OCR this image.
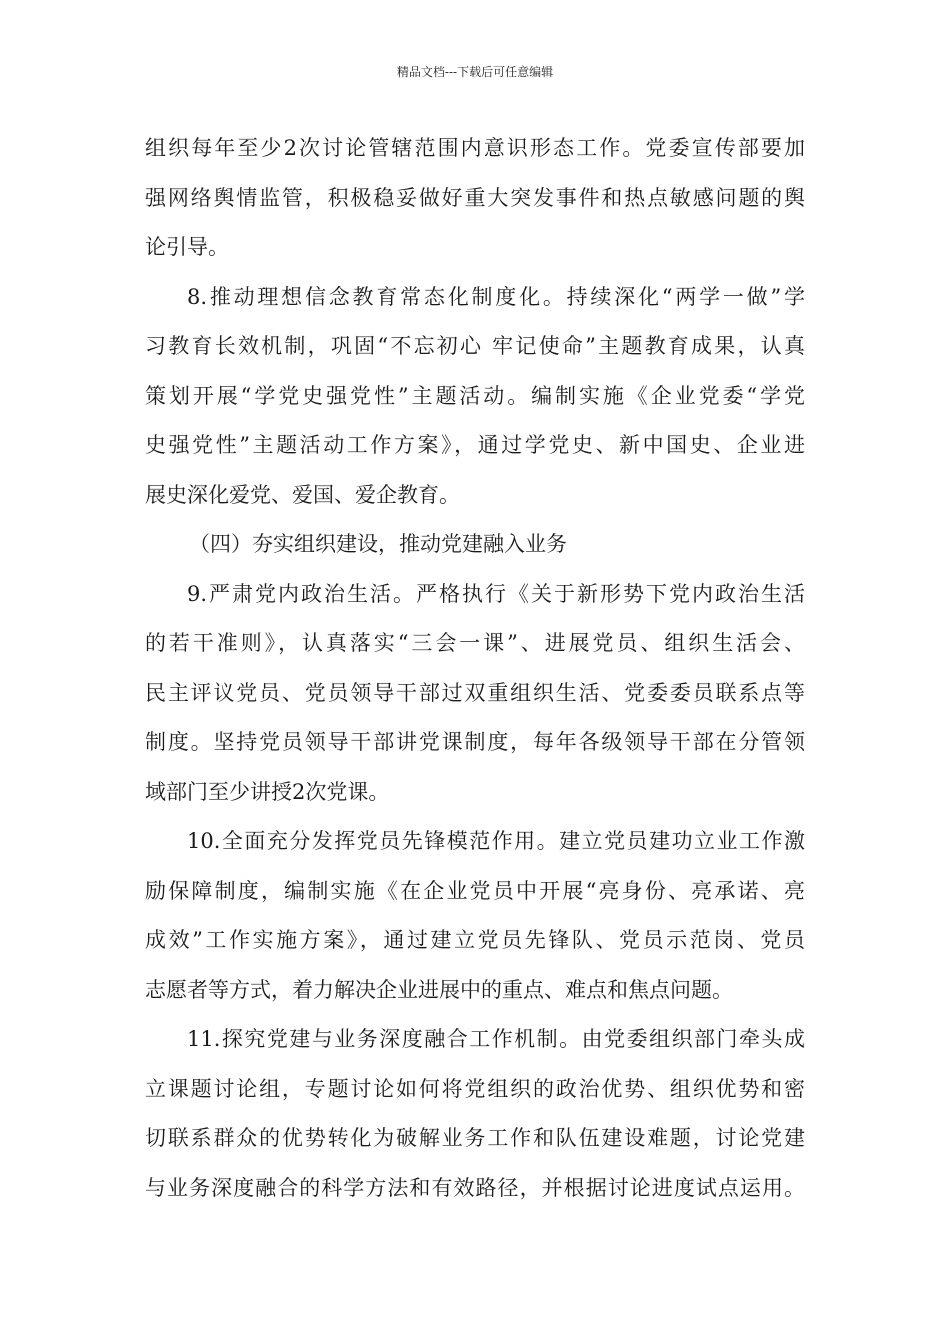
精品文档---下载后可任意编辑
组织每年至少2次讨论管辖范围内意识形态工作。党委宣传部要加
强网络舆情监管，积极稳妥做好重大突发事件和热点敏感问题的舆
论引导。
8.推动理想信念教育常态化制度化。持续深化“两学一做”学
习教育长效机制，巩固“不忘初心 牢记使命”主题教育成果，认真
策划开展“学党史强党性”主题活动。编制实施《企业党委“学党
史强党性”主题活动工作方案》，通过学党史、新中国史、企业进
展史深化爱党、爱国、爱企教育。
（四）夯实组织建设，推动党建融入业务
9.严肃党内政治生活。严格执行《关于新形势下党内政治生活
的若干准则》，认真落实“三会一课”、进展党员、组织生活会、
民主评议党员、党员领导干部过双重组织生活、党委委员联系点等
制度。坚持党员领导干部讲党课制度，每年各级领导干部在分管领
域部门至少讲授2次党课。
10.全面充分发挥党员先锋模范作用。建立党员建功立业工作激
励保障制度，编制实施《在企业党员中开展“亮身份、亮承诺、亮
成效”工作实施方案》，通过建立党员先锋队、党员示范岗、党员
志愿者等方式，着力解决企业进展中的重点、难点和焦点问题。
11.探究党建与业务深度融合工作机制。由党委组织部门牵头成
立课题讨论组，专题讨论如何将党组织的政治优势、组织优势和密
切联系群众的优势转化为破解业务工作和队伍建设难题，讨论党建
与业务深度融合的科学方法和有效路径，并根据讨论进度试点运用。
